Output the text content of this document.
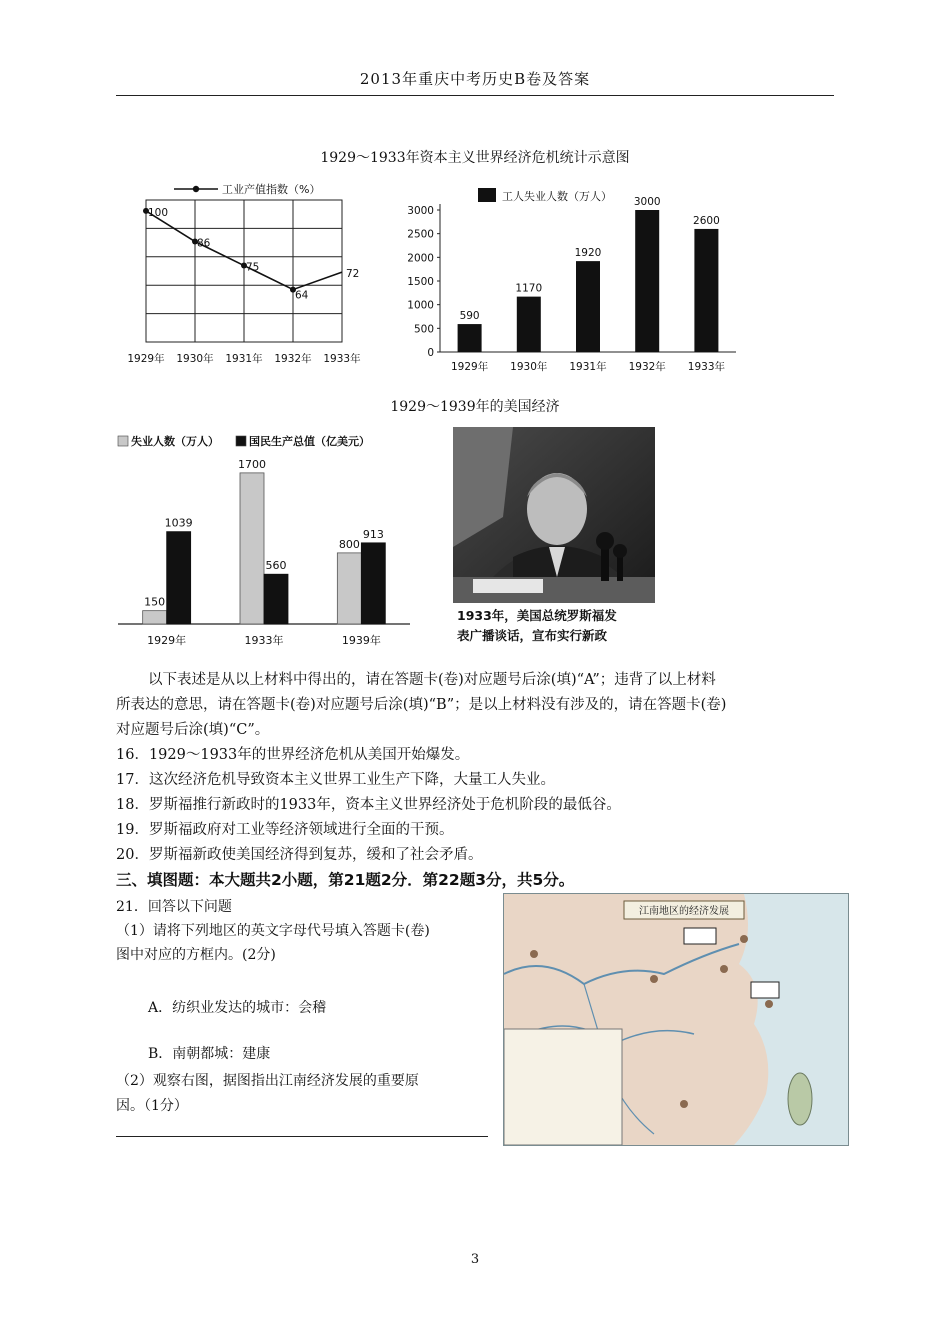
2013年重庆中考历史B卷及答案
1929～1933年资本主义世界经济危机统计示意图
工业产值指数（%）
100
86
75
64
72
1929年 1930年 1931年 1932年 1933年
工人失业人数（万人）
0
500
1000
1500
2000
2500
3000
590
1929年
1170
1930年
1920
1931年
3000
1932年
2600
1933年
1929～1939年的美国经济
失业人数（万人）	国民生产总值（亿美元）
150
1039
1929年
1700
560
1933年
800
913
1939年
1933年，美国总统罗斯福发
表广播谈话，宣布实行新政
以下表述是从以上材料中得出的，请在答题卡(卷)对应题号后涂(填)“A”；违背了以上材料
所表达的意思，请在答题卡(卷)对应题号后涂(填)“B”；是以上材料没有涉及的，请在答题卡(卷)
对应题号后涂(填)“C”。
16．1929～1933年的世界经济危机从美国开始爆发。
17．这次经济危机导致资本主义世界工业生产下降，大量工人失业。
18．罗斯福推行新政时的1933年，资本主义世界经济处于危机阶段的最低谷。
19．罗斯福政府对工业等经济领域进行全面的干预。
20．罗斯福新政使美国经济得到复苏，缓和了社会矛盾。
三、填图题：本大题共2小题，第21题2分．第22题3分，共5分。
21．回答以下问题
（1）请将下列地区的英文字母代号填入答题卡(卷)
图中对应的方框内。(2分)
A．纺织业发达的城市：会稽
B．南朝都城：建康
（2）观察右图，据图指出江南经济发展的重要原
因。（1分）
江南地区的经济发展
3
